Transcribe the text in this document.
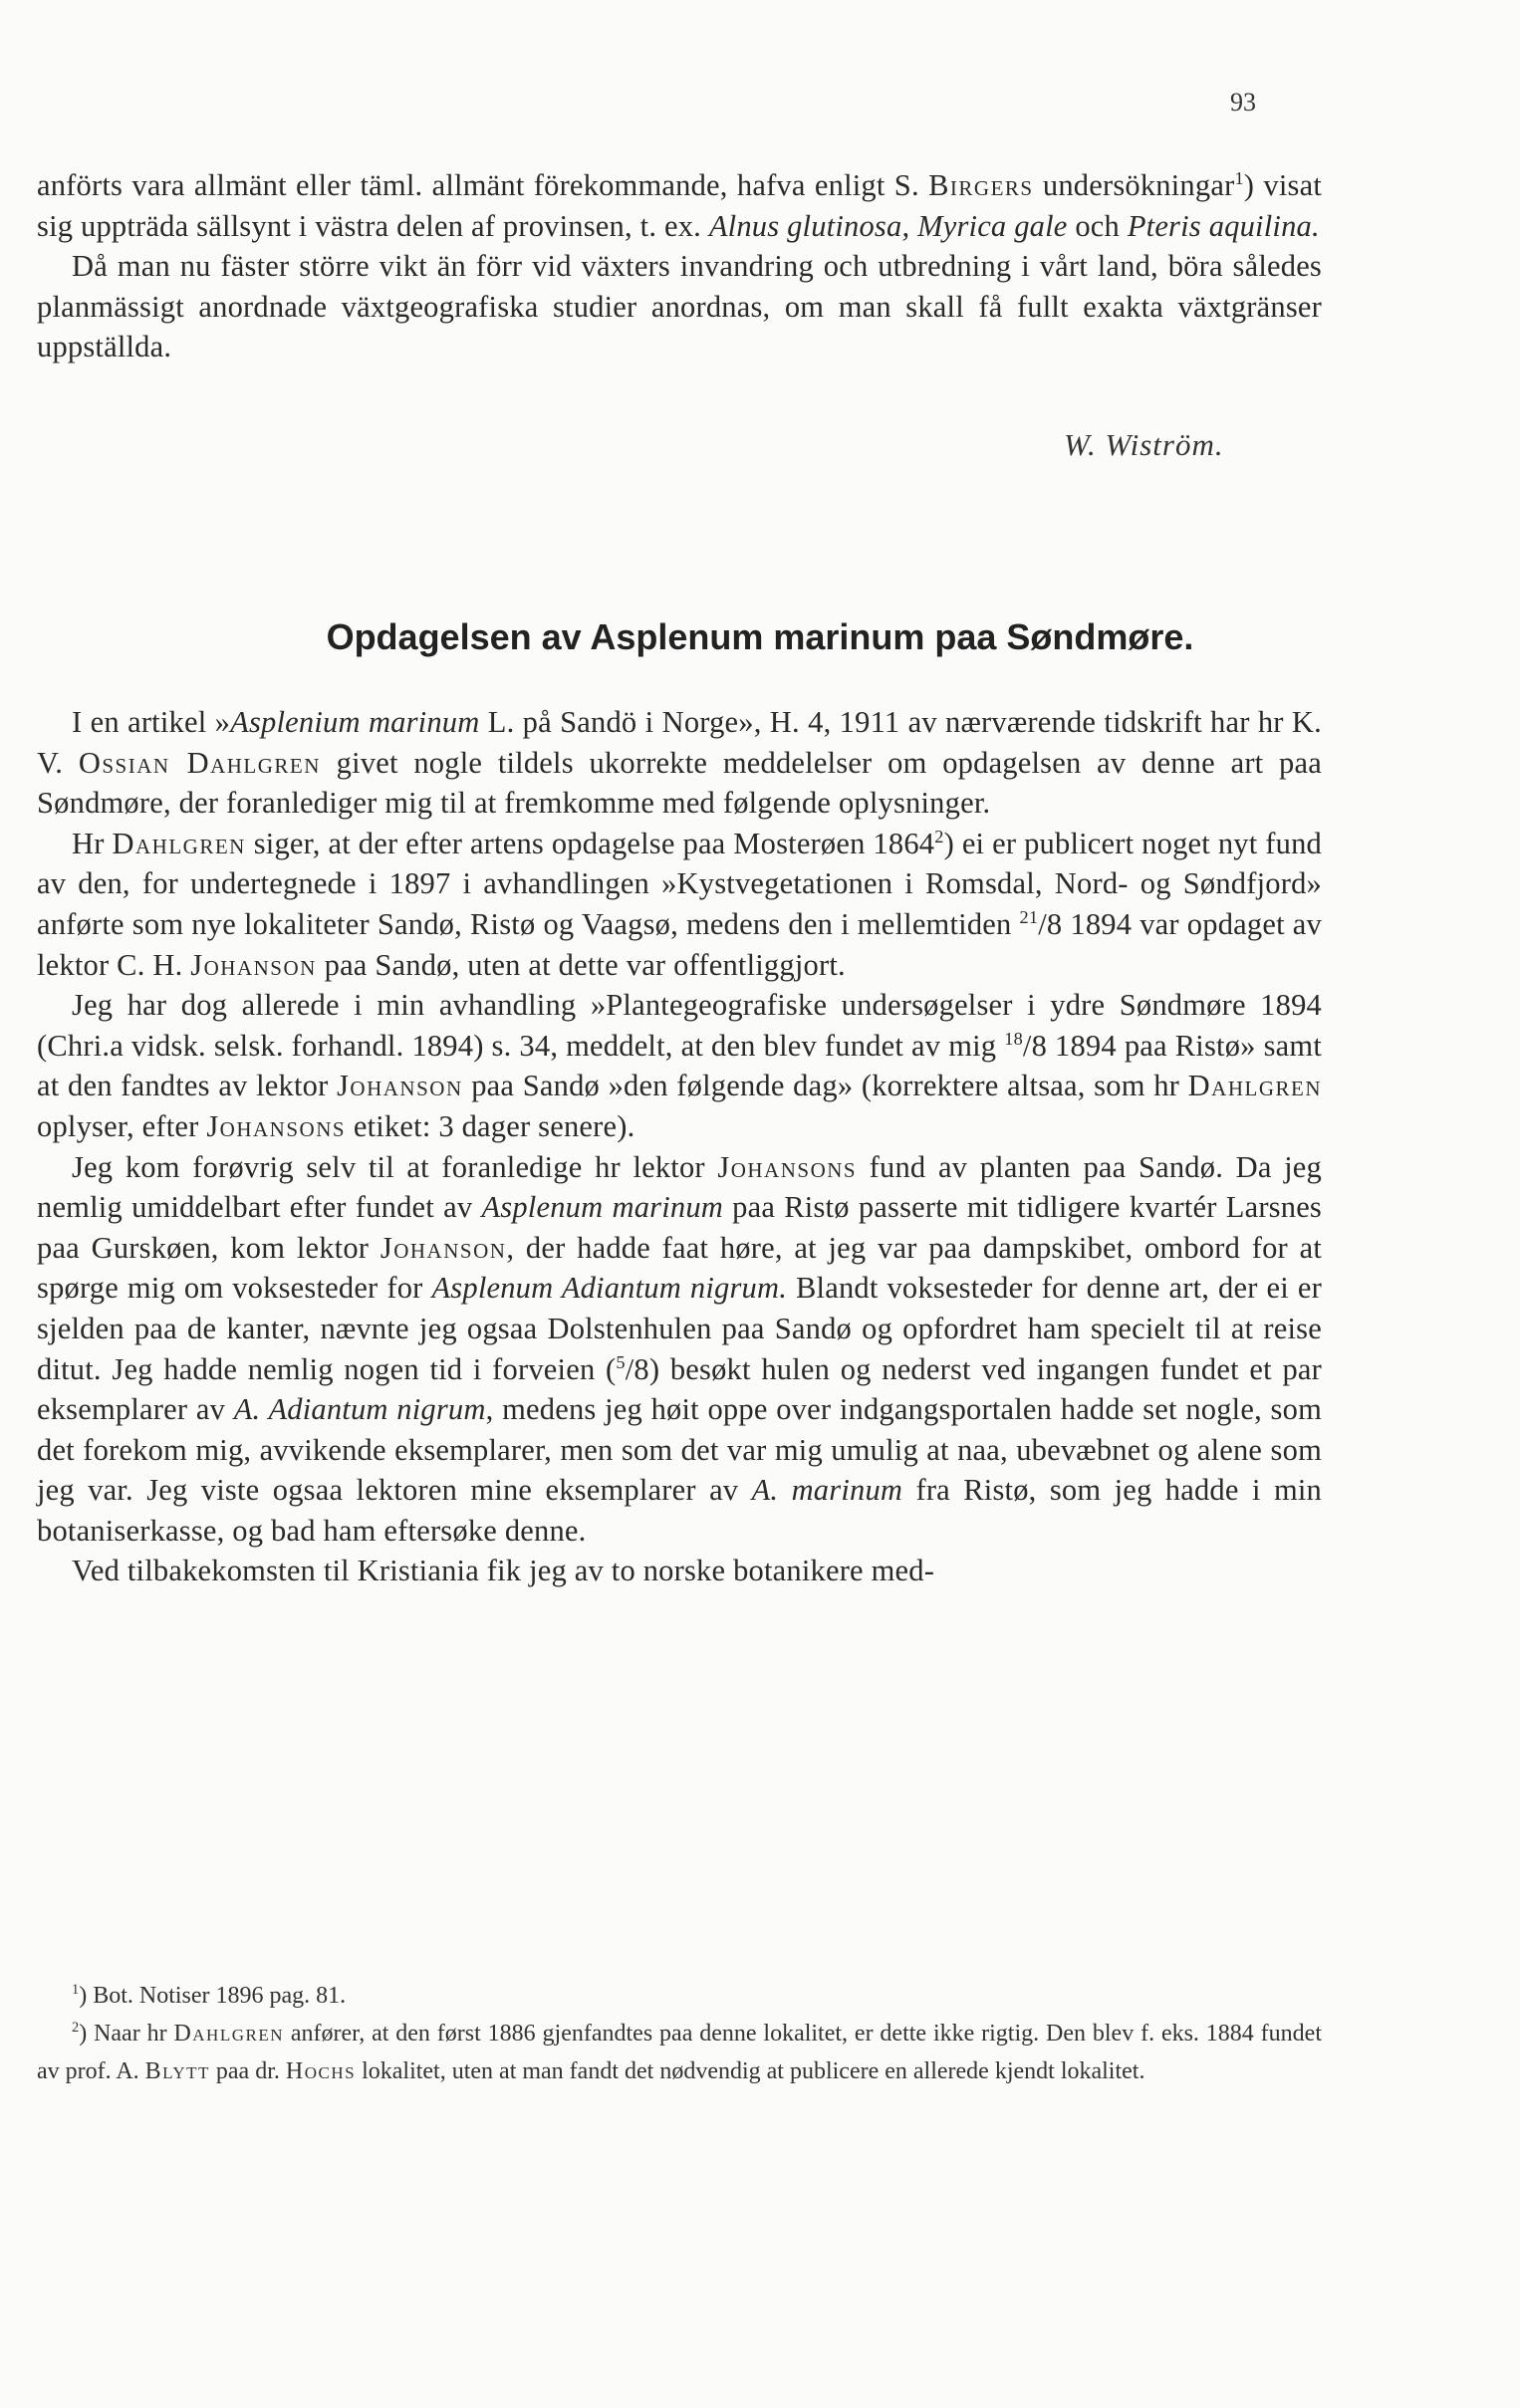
93

anförts vara allmänt eller täml. allmänt förekommande, hafva enligt S. Birgers undersökningar$^1$) visat sig uppträda sällsynt i västra delen af provinsen, t. ex. Alnus glutinosa, Myrica gale och Pteris aquilina.

Då man nu fäster större vikt än förr vid växters invandring och utbredning i vårt land, böra således planmässigt anordnade växtgeografiska studier anordnas, om man skall få fullt exakta växtgränser uppställda.

W. Wiström.
Opdagelsen av Asplenum marinum paa Søndmøre.

I en artikel »Asplenium marinum L. på Sandö i Norge», H. 4, 1911 av nærværende tidskrift har hr K. V. Ossian Dahlgren givet nogle tildels ukorrekte meddelelser om opdagelsen av denne art paa Søndmøre, der foranlediger mig til at fremkomme med følgende oplysninger.

Hr Dahlgren siger, at der efter artens opdagelse paa Mosterøen 1864$^2$) ei er publicert noget nyt fund av den, for undertegnede i 1897 i avhandlingen »Kystvegetationen i Romsdal, Nord- og Søndfjord» anførte som nye lokaliteter Sandø, Ristø og Vaagsø, medens den i mellemtiden $^{21}$/8 1894 var opdaget av lektor C. H. Johanson paa Sandø, uten at dette var offentliggjort.

Jeg har dog allerede i min avhandling »Plantegeografiske undersøgelser i ydre Søndmøre 1894 (Chri.a vidsk. selsk. forhandl. 1894) s. 34, meddelt, at den blev fundet av mig $^{18}$/8 1894 paa Ristø» samt at den fandtes av lektor Johanson paa Sandø »den følgende dag» (korrektere altsaa, som hr Dahlgren oplyser, efter Johansons etiket: 3 dager senere).

Jeg kom forøvrig selv til at foranledige hr lektor Johansons fund av planten paa Sandø. Da jeg nemlig umiddelbart efter fundet av Asplenum marinum paa Ristø passerte mit tidligere kvartér Larsnes paa Gurskøen, kom lektor Johanson, der hadde faat høre, at jeg var paa dampskibet, ombord for at spørge mig om voksesteder for Asplenum Adiantum nigrum. Blandt voksesteder for denne art, der ei er sjelden paa de kanter, nævnte jeg ogsaa Dolstenhulen paa Sandø og opfordret ham specielt til at reise ditut. Jeg hadde nemlig nogen tid i forveien ($^5$/8) besøkt hulen og nederst ved ingangen fundet et par eksemplarer av A. Adiantum nigrum, medens jeg høit oppe over indgangsportalen hadde set nogle, som det forekom mig, avvikende eksemplarer, men som det var mig umulig at naa, ubevæbnet og alene som jeg var. Jeg viste ogsaa lektoren mine eksemplarer av A. marinum fra Ristø, som jeg hadde i min botaniserkasse, og bad ham eftersøke denne.

Ved tilbakekomsten til Kristiania fik jeg av to norske botanikere med-

$^1$) Bot. Notiser 1896 pag. 81.

$^2$) Naar hr Dahlgren anfører, at den først 1886 gjenfandtes paa denne lokalitet, er dette ikke rigtig. Den blev f. eks. 1884 fundet av prof. A. Blytt paa dr. Hochs lokalitet, uten at man fandt det nødvendig at publicere en allerede kjendt lokalitet.
